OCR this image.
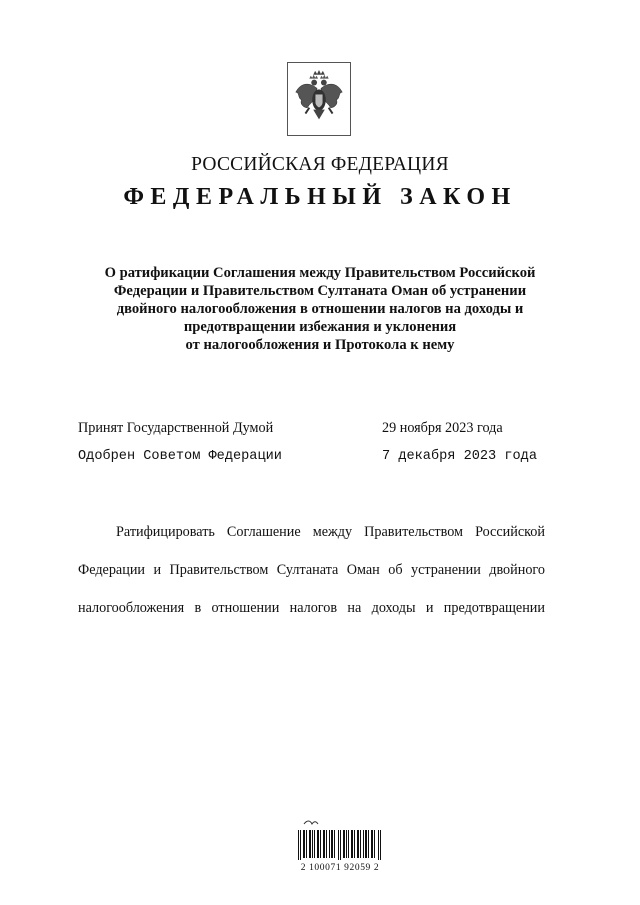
РОССИЙСКАЯ ФЕДЕРАЦИЯ
ФЕДЕРАЛЬНЫЙ ЗАКОН
О ратификации Соглашения между Правительством Российской
Федерации и Правительством Султаната Оман об устранении
двойного налогообложения в отношении налогов на доходы и
предотвращении избежания и уклонения
от налогообложения и Протокола к нему
Принят Государственной Думой	29 ноября 2023 года
Одобрен Советом Федерации	7 декабря 2023 года
Ратифицировать Соглашение между Правительством Российской
Федерации и Правительством Султаната Оман об устранении двойного
налогообложения в отношении налогов на доходы и предотвращении
2 100071 92059 2
